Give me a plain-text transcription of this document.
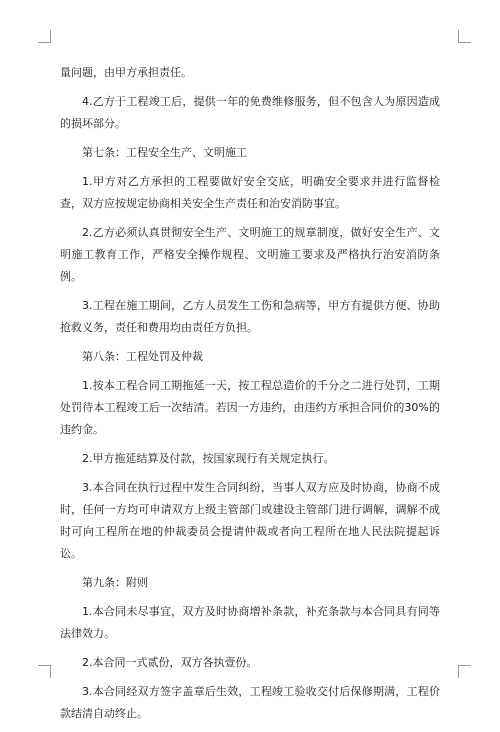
量问题，由甲方承担责任。

4.乙方于工程竣工后，提供一年的免费维修服务，但不包含人为原因造成的损坏部分。

第七条：工程安全生产、文明施工

1.甲方对乙方承担的工程要做好安全交底，明确安全要求并进行监督检查，双方应按规定协商相关安全生产责任和治安消防事宜。

2.乙方必须认真贯彻安全生产、文明施工的规章制度，做好安全生产、文明施工教育工作，严格安全操作规程、文明施工要求及严格执行治安消防条例。

3.工程在施工期间，乙方人员发生工伤和急病等，甲方有提供方便、协助抢救义务，责任和费用均由责任方负担。

第八条：工程处罚及仲裁

1.按本工程合同工期拖延一天，按工程总造价的千分之二进行处罚，工期处罚待本工程竣工后一次结清。若因一方违约，由违约方承担合同价的30%的违约金。

2.甲方拖延结算及付款，按国家现行有关规定执行。

3.本合同在执行过程中发生合同纠纷，当事人双方应及时协商，协商不成时，任何一方均可申请双方上级主管部门或建设主管部门进行调解，调解不成时可向工程所在地的仲裁委员会提请仲裁或者向工程所在地人民法院提起诉讼。

第九条：附则

1.本合同未尽事宜，双方及时协商增补条款，补充条款与本合同具有同等法律效力。

2.本合同一式贰份，双方各执壹份。

3.本合同经双方签字盖章后生效，工程竣工验收交付后保修期满，工程价款结清自动终止。
